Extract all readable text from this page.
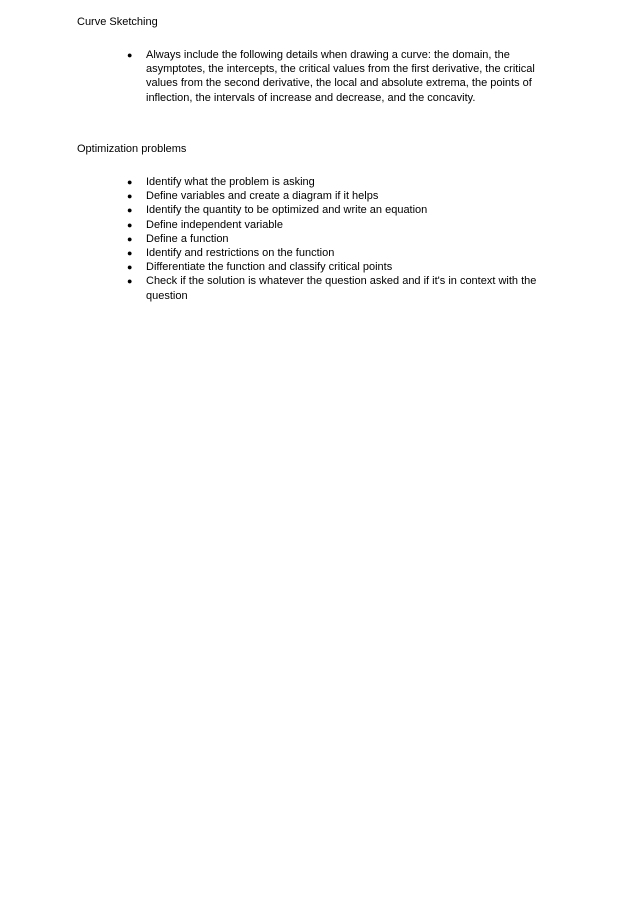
Curve Sketching
● Always include the following details when drawing a curve: the domain, the asymptotes, the intercepts, the critical values from the first derivative, the critical values from the second derivative, the local and absolute extrema, the points of inflection, the intervals of increase and decrease, and the concavity.
Optimization problems
● Identify what the problem is asking
● Define variables and create a diagram if it helps
● Identify the quantity to be optimized and write an equation
● Define independent variable
● Define a function
● Identify and restrictions on the function
● Differentiate the function and classify critical points
● Check if the solution is whatever the question asked and if it's in context with the question
